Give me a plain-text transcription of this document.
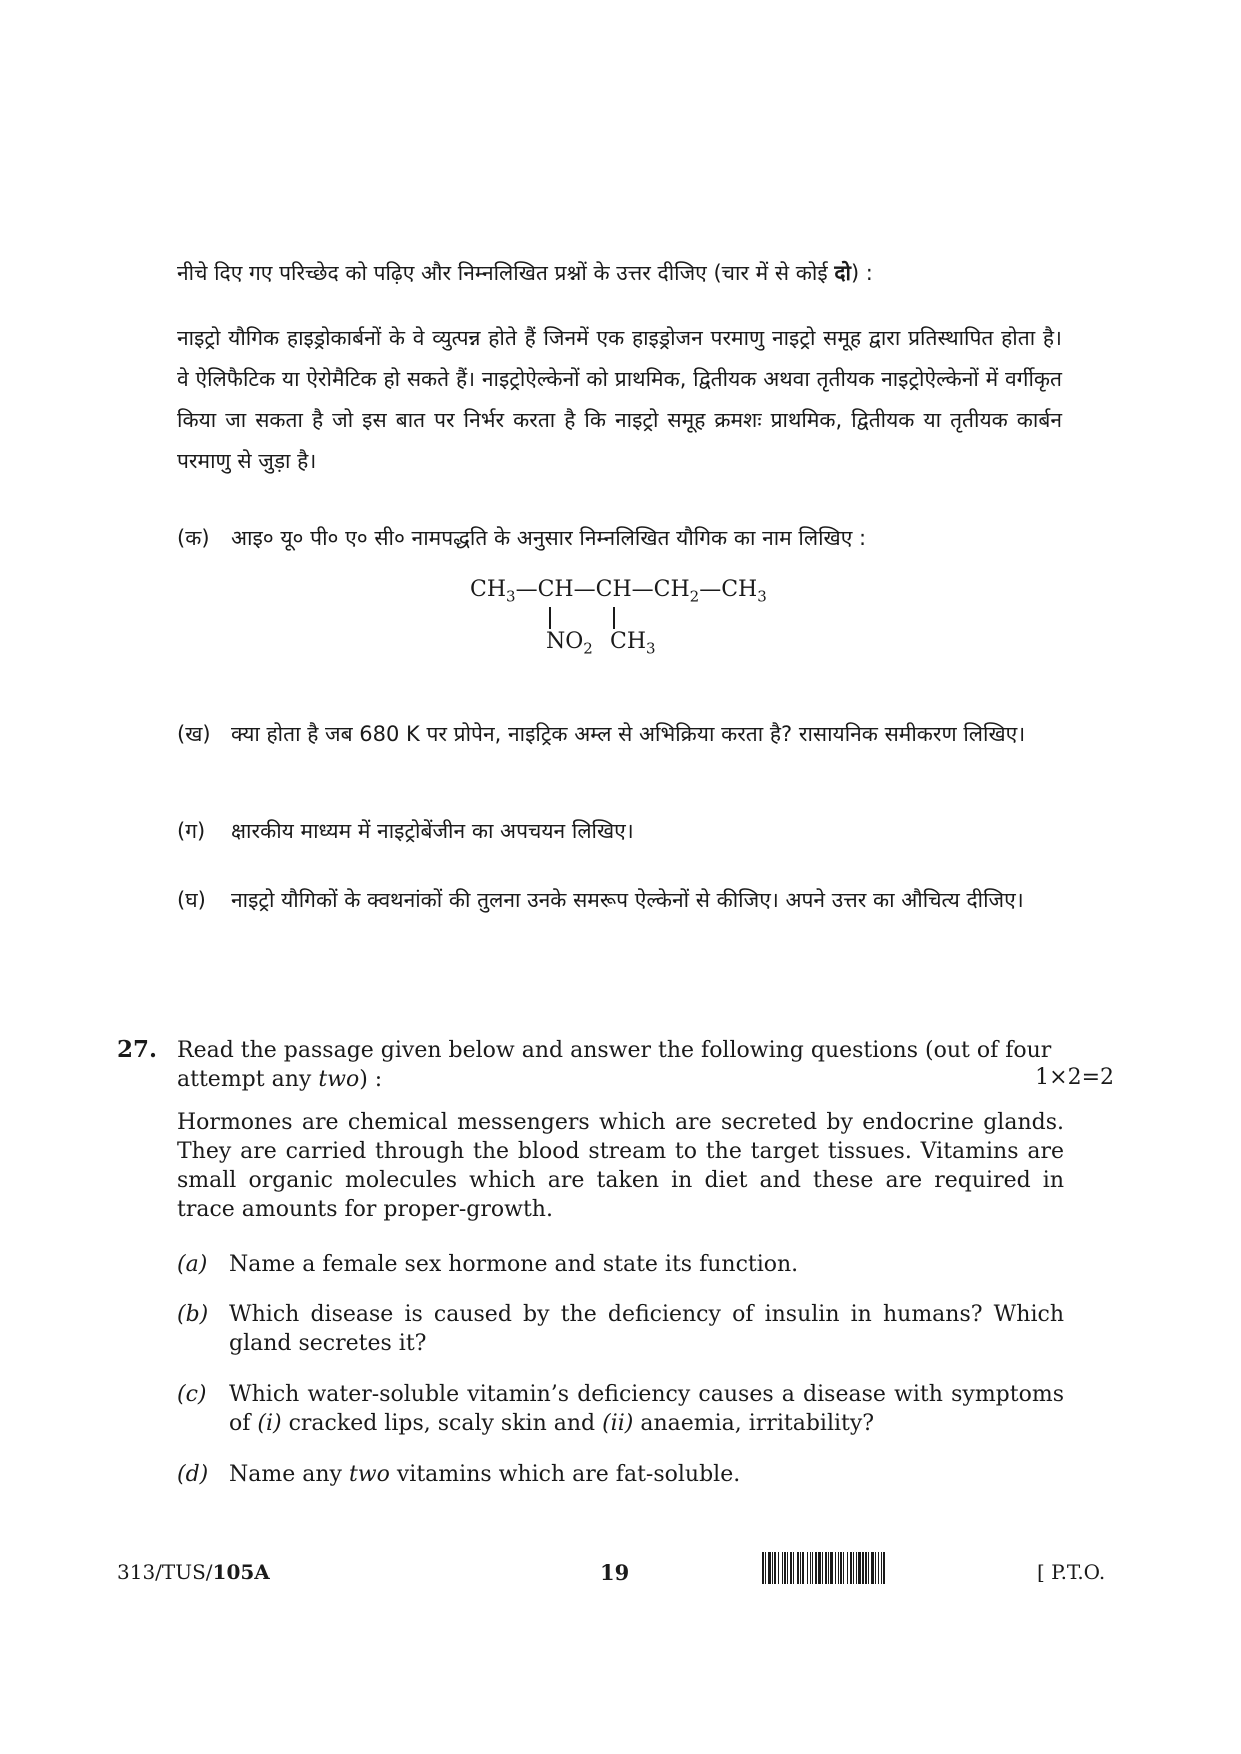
नीचे दिए गए परिच्छेद को पढ़िए और निम्नलिखित प्रश्नों के उत्तर दीजिए (चार में से कोई दो) :
नाइट्रो यौगिक हाइड्रोकार्बनों के वे व्युत्पन्न होते हैं जिनमें एक हाइड्रोजन परमाणु नाइट्रो समूह द्वारा प्रतिस्थापित होता है। वे ऐलिफैटिक या ऐरोमैटिक हो सकते हैं। नाइट्रोऐल्केनों को प्राथमिक, द्वितीयक अथवा तृतीयक नाइट्रोऐल्केनों में वर्गीकृत किया जा सकता है जो इस बात पर निर्भर करता है कि नाइट्रो समूह क्रमशः प्राथमिक, द्वितीयक या तृतीयक कार्बन परमाणु से जुड़ा है।
(क)	आइ० यू० पी० ए० सी० नामपद्धति के अनुसार निम्नलिखित यौगिक का नाम लिखिए :
$CH_3—CH—CH—CH_2—CH_3$
$NO_2$ $CH_3$
(ख) क्या होता है जब 680 K पर प्रोपेन, नाइट्रिक अम्ल से अभिक्रिया करता है? रासायनिक समीकरण लिखिए।
(ग)	क्षारकीय माध्यम में नाइट्रोबेंजीन का अपचयन लिखिए।
(घ)	नाइट्रो यौगिकों के क्वथनांकों की तुलना उनके समरूप ऐल्केनों से कीजिए। अपने उत्तर का औचित्य दीजिए।
27. Read the passage given below and answer the following questions (out of four attempt any two) :	1×2=2
Hormones are chemical messengers which are secreted by endocrine glands. They are carried through the blood stream to the target tissues. Vitamins are small organic molecules which are taken in diet and these are required in trace amounts for proper-growth.
(a) Name a female sex hormone and state its function.
(b) Which disease is caused by the deficiency of insulin in humans? Which gland secretes it?
(c)	Which water-soluble vitamin’s deficiency causes a disease with symptoms of (i) cracked lips, scaly skin and (ii) anaemia, irritability?
(d) Name any two vitamins which are fat-soluble.
313/TUS/105A	19	[ P.T.O.
